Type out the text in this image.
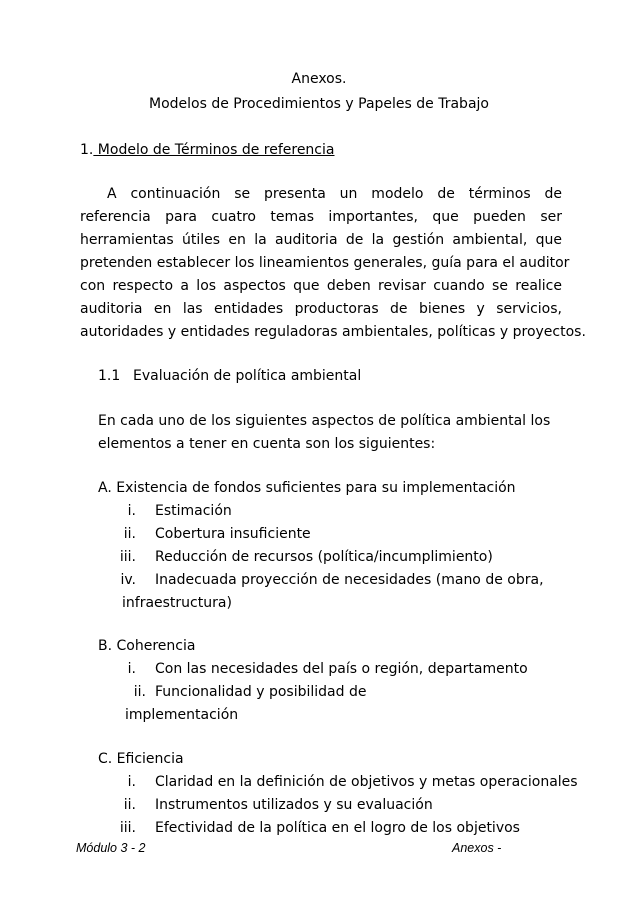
Anexos.
Modelos de Procedimientos y Papeles de Trabajo
1. Modelo de Términos de referencia
A continuación se presenta un modelo de términos de
referencia para cuatro temas importantes, que pueden ser
herramientas útiles en la auditoria de la gestión ambiental, que
pretenden establecer los lineamientos generales, guía para el auditor
con respecto a los aspectos que deben revisar cuando se realice
auditoria en las entidades productoras de bienes y servicios,
autoridades y entidades reguladoras ambientales, políticas y proyectos.
1.1 Evaluación de política ambiental
En cada uno de los siguientes aspectos de política ambiental los
elementos a tener en cuenta son los siguientes:
A. Existencia de fondos suficientes para su implementación
i. Estimación
ii. Cobertura insuficiente
iii. Reducción de recursos (política/incumplimiento)
iv. Inadecuada proyección de necesidades (mano de obra,
infraestructura)
B. Coherencia
i. Con las necesidades del país o región, departamento
ii. Funcionalidad y posibilidad de
implementación
C. Eficiencia
i. Claridad en la definición de objetivos y metas operacionales
ii. Instrumentos utilizados y su evaluación
iii. Efectividad de la política en el logro de los objetivos
Módulo 3 - 2	Anexos -
